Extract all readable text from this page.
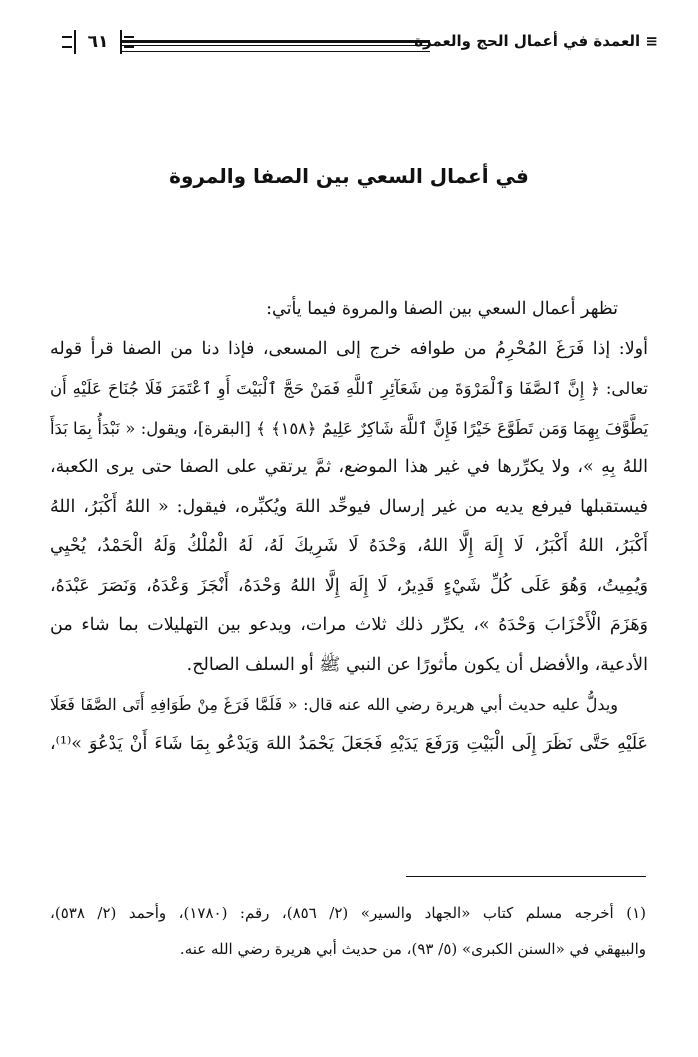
٦١	≡ العمدة في أعمال الحج والعمرة
في أعمال السعي بين الصفا والمروة
تظهر أعمال السعي بين الصفا والمروة فيما يأتي:
أولا: إذا فَرَغَ المُحْرِمُ من طوافه خرج إلى المسعى، فإذا دنا من الصفا قرأ قوله
تعالى: ﴿ إِنَّ ٱلصَّفَا وَٱلْمَرْوَةَ مِن شَعَآئِرِ ٱللَّهِ فَمَنْ حَجَّ ٱلْبَيْتَ أَوِ ٱعْتَمَرَ فَلَا جُنَاحَ عَلَيْهِ أَن
يَطَّوَّفَ بِهِمَا وَمَن تَطَوَّعَ خَيْرًا فَإِنَّ ٱللَّهَ شَاكِرٌ عَلِيمٌ ﴿١٥٨﴾ ﴾ [البقرة]، ويقول: « نَبْدَأُ بِمَا بَدَأَ
اللهُ بِهِ »، ولا يكرِّرها في غير هذا الموضع، ثمَّ يرتقي على الصفا حتى يرى الكعبة،
فيستقبلها فيرفع يديه من غير إرسال فيوحِّد اللهَ ويُكبِّره، فيقول: « اللهُ أَكْبَرُ، اللهُ
أَكْبَرُ، اللهُ أَكْبَرُ، لَا إِلَهَ إِلَّا اللهُ، وَحْدَهُ لَا شَرِيكَ لَهُ، لَهُ الْمُلْكُ وَلَهُ الْحَمْدُ، يُحْيِي
وَيُمِيتُ، وَهُوَ عَلَى كُلِّ شَيْءٍ قَدِيرٌ، لَا إِلَهَ إِلَّا اللهُ وَحْدَهُ، أَنْجَزَ وَعْدَهُ، وَنَصَرَ عَبْدَهُ،
وَهَزَمَ الْأَحْزَابَ وَحْدَهُ »، يكرِّر ذلك ثلاث مرات، ويدعو بين التهليلات بما شاء من
الأدعية، والأفضل أن يكون مأثورًا عن النبي ﷺ أو السلف الصالح.
ويدلُّ عليه حديث أبي هريرة رضي الله عنه قال: « فَلَمَّا فَرَغَ مِنْ طَوَافِهِ أَتَى الصَّفَا فَعَلَا
عَلَيْهِ حَتَّى نَظَرَ إِلَى الْبَيْتِ وَرَفَعَ يَدَيْهِ فَجَعَلَ يَحْمَدُ اللهَ وَيَدْعُو بِمَا شَاءَ أَنْ يَدْعُوَ »⁽¹⁾،
(١) أخرجه مسلم كتاب «الجهاد والسير» (٢/ ٨٥٦)، رقم: (١٧٨٠)، وأحمد (٢/ ٥٣٨)،
والبيهقي في «السنن الكبرى» (٥/ ٩٣)، من حديث أبي هريرة رضي الله عنه.
